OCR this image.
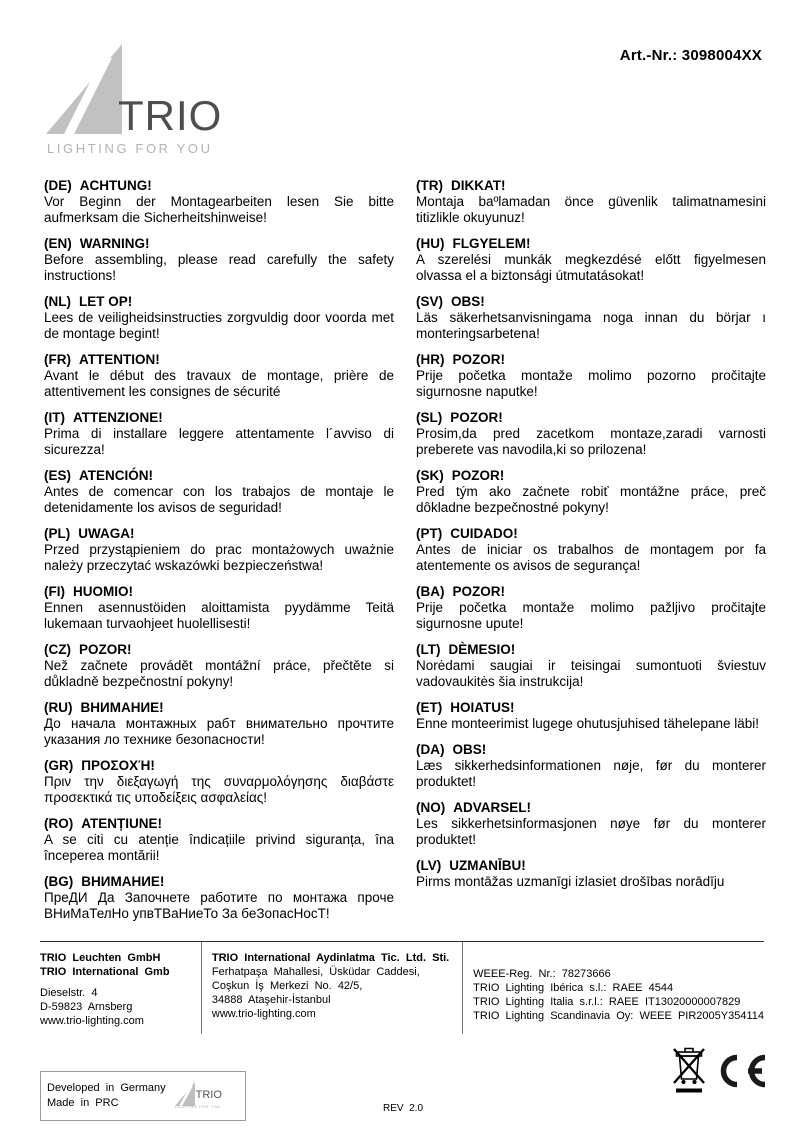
Art.-Nr.: 3098004XX
TRIO
LIGHTING FOR YOU
(DE) ACHTUNG!
Vor Beginn der Montagearbeiten lesen Sie bitte aufmerksam die Sicherheitshinweise!
(EN) WARNING!
Before assembling, please read carefully the safety instructions!
(NL) LET OP!
Lees de veiligheidsinstructies zorgvuldig door voorda met de montage begint!
(FR) ATTENTION!
Avant le début des travaux de montage, prière de attentivement les consignes de sécurité
(IT) ATTENZIONE!
Prima di installare leggere attentamente l´avviso di sicurezza!
(ES) ATENCIÓN!
Antes de comencar con los trabajos de montaje le detenidamente los avisos de seguridad!
(PL) UWAGA!
Przed przystąpieniem do prac montażowych uważnie należy przeczytać wskazówki bezpieczeństwa!
(FI) HUOMIO!
Ennen asennustöiden aloittamista pyydämme Teitä lukemaan turvaohjeet huolellisesti!
(CZ) POZOR!
Než začnete provádět montážní práce, přečtěte si důkladně bezpečnostní pokyny!
(RU) ВНИМАНИЕ!
До начала монтажных рабт внимательно прочтите указания ло технике безопасности!
(GR) ΠΡΟΣΟΧΉ!
Πριν την διεξαγωγή της συναρμολόγησης διαβάστε προσεκτικά τις υποδείξεις ασφαλείας!
(RO) ATENȚIUNE!
A se citi cu atenție îndicațiile privind siguranța, îna începerea montării!
(BG) ВНИМАНИЕ!
ПреДИ Да Започнете работите по монтажа проче ВНиМаТелНо упвТВаНиеТо За беЗопасНосТ!
(TR) DIKKAT!
Montaja baºlamadan önce güvenlik talimatnamesini titizlikle okuyunuz!
(HU) FLGYELEM!
A szerelési munkák megkezdésé előtt figyelmesen olvassa el a biztonsági útmutatásokat!
(SV) OBS!
Läs säkerhetsanvisningama noga innan du börjar ı monteringsarbetena!
(HR) POZOR!
Prije početka montaže molimo pozorno pročitajte sigurnosne naputke!
(SL) POZOR!
Prosim,da pred zacetkom montaze,zaradi varnosti preberete vas navodila,ki so prilozena!
(SK) POZOR!
Pred tým ako začnete robiť montážne práce, preč dôkladne bezpečnostné pokyny!
(PT) CUIDADO!
Antes de iniciar os trabalhos de montagem por fa atentemente os avisos de segurança!
(BA) POZOR!
Prije početka montaže molimo pažljivo pročitajte sigurnosne upute!
(LT) DÈMESIO!
Norėdami saugiai ir teisingai sumontuoti šviestuv vadovaukitės šia instrukcija!
(ET) HOIATUS!
Enne monteerimist lugege ohutusjuhised tähelepane läbi!
(DA) OBS!
Læs sikkerhedsinformationen nøje, før du monterer produktet!
(NO) ADVARSEL!
Les sikkerhetsinformasjonen nøye før du monterer produktet!
(LV) UZMANĪBU!
Pirms montāžas uzmanīgi izlasiet drošības norādīju
TRIO  Leuchten  GmbH
TRIO  International  Gmb
Dieselstr.  4
D-59823  Arnsberg
www.trio-lighting.com
TRIO  International  Aydinlatma  Tic.  Ltd.  Sti.
Ferhatpaşa  Mahallesi,  Üsküdar  Caddesi,
Coşkun  İş  Merkezi  No.  42/5,
34888  Ataşehir-İstanbul
www.trio-lighting.com
WEEE-Reg.  Nr.:  78273666
TRIO  Lighting  Ibérica  s.l.:  RAEE  4544
TRIO  Lighting  Italia  s.r.l.:  RAEE  IT13020000007829
TRIO  Lighting  Scandinavia  Oy:  WEEE  PIR2005Y354114
Developed  in  Germany
Made  in  PRC
TRIO
LIGHTING FOR YOU	REV  2.0
